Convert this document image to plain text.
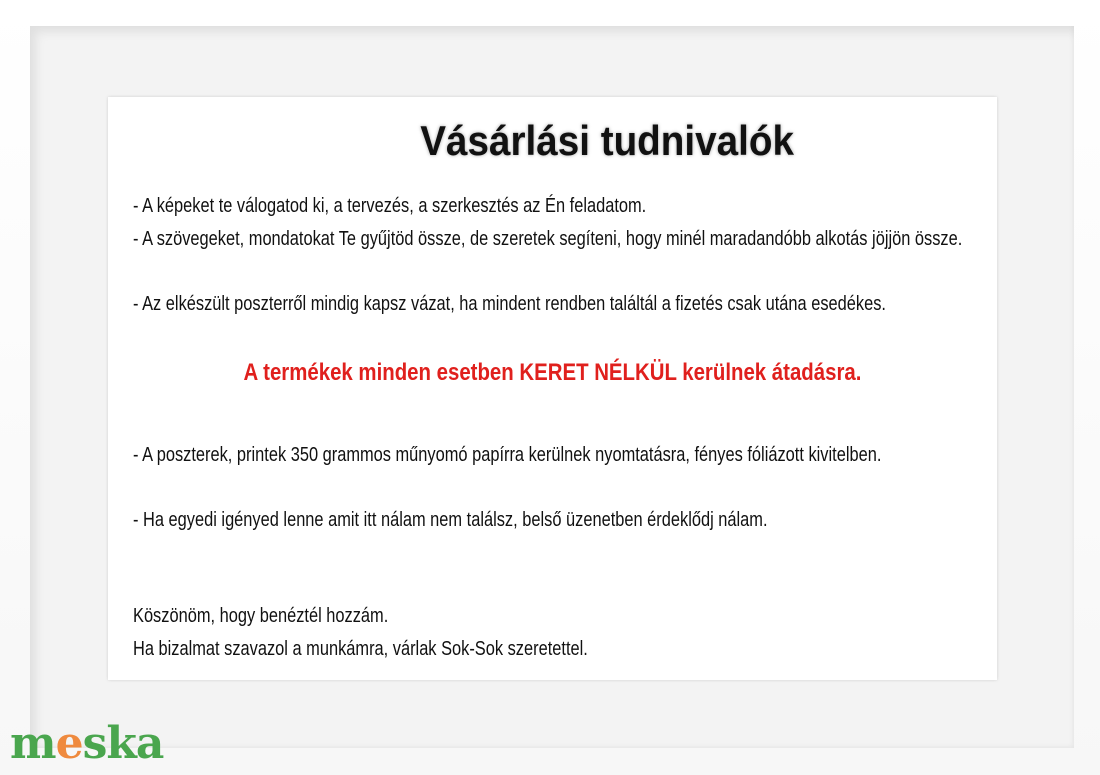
Vásárlási tudnivalók
- A képeket te válogatod ki, a tervezés, a szerkesztés az Én feladatom.
- A szövegeket, mondatokat Te gyűjtöd össze, de szeretek segíteni, hogy minél maradandóbb alkotás jöjjön össze.
- Az elkészült poszterről mindig kapsz vázat, ha mindent rendben találtál a fizetés csak utána esedékes.
A termékek minden esetben KERET NÉLKÜL kerülnek átadásra.
- A poszterek, printek 350 grammos műnyomó papírra kerülnek nyomtatásra, fényes fóliázott kivitelben.
- Ha egyedi igényed lenne amit itt nálam nem találsz, belső üzenetben érdeklődj nálam.
Köszönöm, hogy benéztél hozzám.
Ha bizalmat szavazol a munkámra, várlak Sok-Sok szeretettel.
meska
